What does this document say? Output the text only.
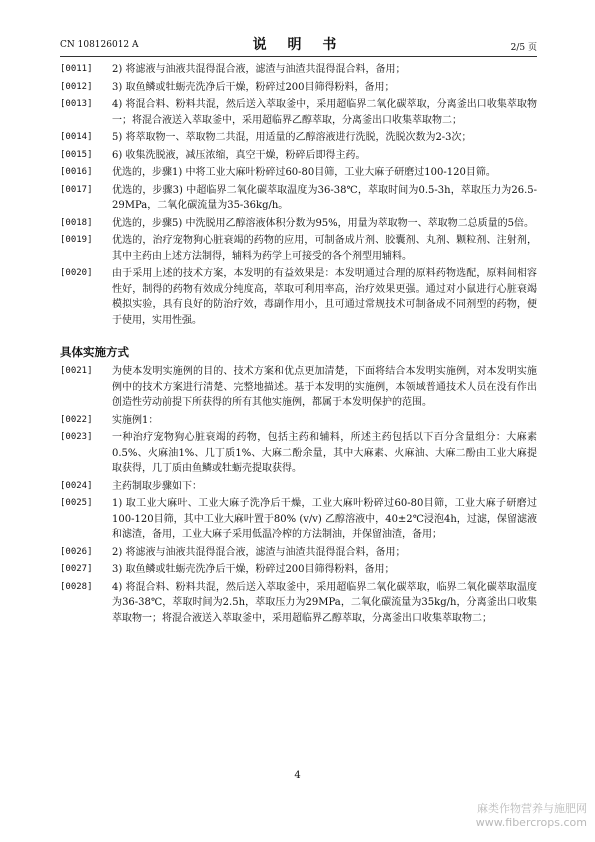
CN 108126012 A	说 明 书	2/5 页
[0011]	2) 将滤液与油液共混得混合液，滤渣与油渣共混得混合料，备用；
[0012]	3) 取鱼鳞或牡蛎壳洗净后干燥，粉碎过200目筛得粉料，备用；
[0013]	4) 将混合料、粉料共混，然后送入萃取釜中，采用超临界二氧化碳萃取，分离釜出口收集萃取物一；将混合液送入萃取釜中，采用超临界乙醇萃取，分离釜出口收集萃取物二；
[0014]	5) 将萃取物一、萃取物二共混，用适量的乙醇溶液进行洗脱，洗脱次数为2-3次；
[0015]	6) 收集洗脱液，减压浓缩，真空干燥，粉碎后即得主药。
[0016]	优选的，步骤1) 中将工业大麻叶粉碎过60-80目筛，工业大麻子研磨过100-120目筛。
[0017]	优选的，步骤3) 中超临界二氧化碳萃取温度为36-38℃，萃取时间为0.5-3h，萃取压力为26.5-29MPa，二氧化碳流量为35-36kg/h。
[0018]	优选的，步骤5) 中洗脱用乙醇溶液体积分数为95%，用量为萃取物一、萃取物二总质量的5倍。
[0019]	优选的，治疗宠物狗心脏衰竭的药物的应用，可制备成片剂、胶囊剂、丸剂、颗粒剂、注射剂，其中主药由上述方法制得，辅料为药学上可接受的各个剂型用辅料。
[0020]	由于采用上述的技术方案，本发明的有益效果是：本发明通过合理的原料药物选配，原料间相容性好，制得的药物有效成分纯度高，萃取可利用率高，治疗效果更强。通过对小鼠进行心脏衰竭模拟实验，具有良好的防治疗效，毒副作用小，且可通过常规技术可制备成不同剂型的药物，便于使用，实用性强。
具体实施方式
[0021]	为使本发明实施例的目的、技术方案和优点更加清楚，下面将结合本发明实施例，对本发明实施例中的技术方案进行清楚、完整地描述。基于本发明的实施例，本领域普通技术人员在没有作出创造性劳动前提下所获得的所有其他实施例，都属于本发明保护的范围。
[0022]	实施例1：
[0023]	一种治疗宠物狗心脏衰竭的药物，包括主药和辅料，所述主药包括以下百分含量组分：大麻素0.5%、火麻油1%、几丁质1%、大麻二酚余量，其中大麻素、火麻油、大麻二酚由工业大麻提取获得，几丁质由鱼鳞或牡蛎壳提取获得。
[0024]	主药制取步骤如下：
[0025]	1) 取工业大麻叶、工业大麻子洗净后干燥，工业大麻叶粉碎过60-80目筛，工业大麻子研磨过100-120目筛，其中工业大麻叶置于80% (v/v) 乙醇溶液中，40±2℃浸泡4h，过滤，保留滤液和滤渣，备用，工业大麻子采用低温冷榨的方法制油，并保留油渣，备用；
[0026]	2) 将滤液与油液共混得混合液，滤渣与油渣共混得混合料，备用；
[0027]	3) 取鱼鳞或牡蛎壳洗净后干燥，粉碎过200目筛得粉料，备用；
[0028]	4) 将混合料、粉料共混，然后送入萃取釜中，采用超临界二氧化碳萃取，临界二氧化碳萃取温度为36-38℃，萃取时间为2.5h，萃取压力为29MPa，二氧化碳流量为35kg/h，分离釜出口收集萃取物一；将混合液送入萃取釜中，采用超临界乙醇萃取，分离釜出口收集萃取物二；
4
麻类作物营养与施肥网
www.fibercrops.com
